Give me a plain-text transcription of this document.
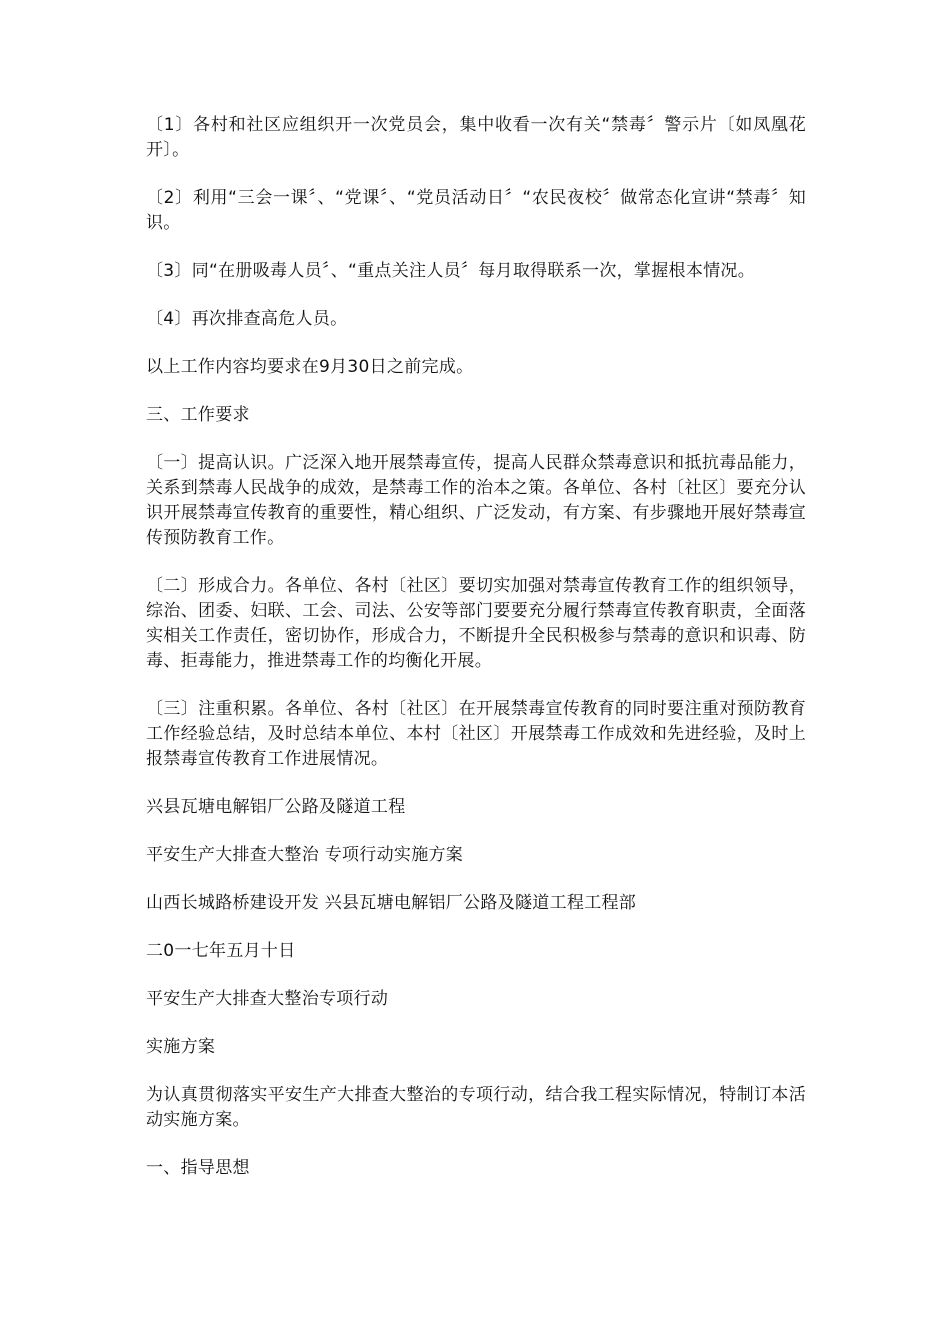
〔1〕各村和社区应组织开一次党员会，集中收看一次有关“禁毒〞警示片〔如凤凰花开〕。

〔2〕利用“三会一课〞、“党课〞、“党员活动日〞“农民夜校〞做常态化宣讲“禁毒〞知识。

〔3〕同“在册吸毒人员〞、“重点关注人员〞每月取得联系一次，掌握根本情况。

〔4〕再次排查高危人员。

以上工作内容均要求在9月30日之前完成。

三、工作要求

〔一〕提高认识。广泛深入地开展禁毒宣传，提高人民群众禁毒意识和抵抗毒品能力，关系到禁毒人民战争的成效，是禁毒工作的治本之策。各单位、各村〔社区〕要充分认识开展禁毒宣传教育的重要性，精心组织、广泛发动，有方案、有步骤地开展好禁毒宣传预防教育工作。

〔二〕形成合力。各单位、各村〔社区〕要切实加强对禁毒宣传教育工作的组织领导，综治、团委、妇联、工会、司法、公安等部门要要充分履行禁毒宣传教育职责，全面落实相关工作责任，密切协作，形成合力，不断提升全民积极参与禁毒的意识和识毒、防毒、拒毒能力，推进禁毒工作的均衡化开展。

〔三〕注重积累。各单位、各村〔社区〕在开展禁毒宣传教育的同时要注重对预防教育工作经验总结，及时总结本单位、本村〔社区〕开展禁毒工作成效和先进经验，及时上报禁毒宣传教育工作进展情况。

兴县瓦塘电解铝厂公路及隧道工程

平安生产大排查大整治 专项行动实施方案

山西长城路桥建设开发 兴县瓦塘电解铝厂公路及隧道工程工程部

二0一七年五月十日

平安生产大排查大整治专项行动

实施方案

为认真贯彻落实平安生产大排查大整治的专项行动，结合我工程实际情况，特制订本活动实施方案。

一、指导思想
